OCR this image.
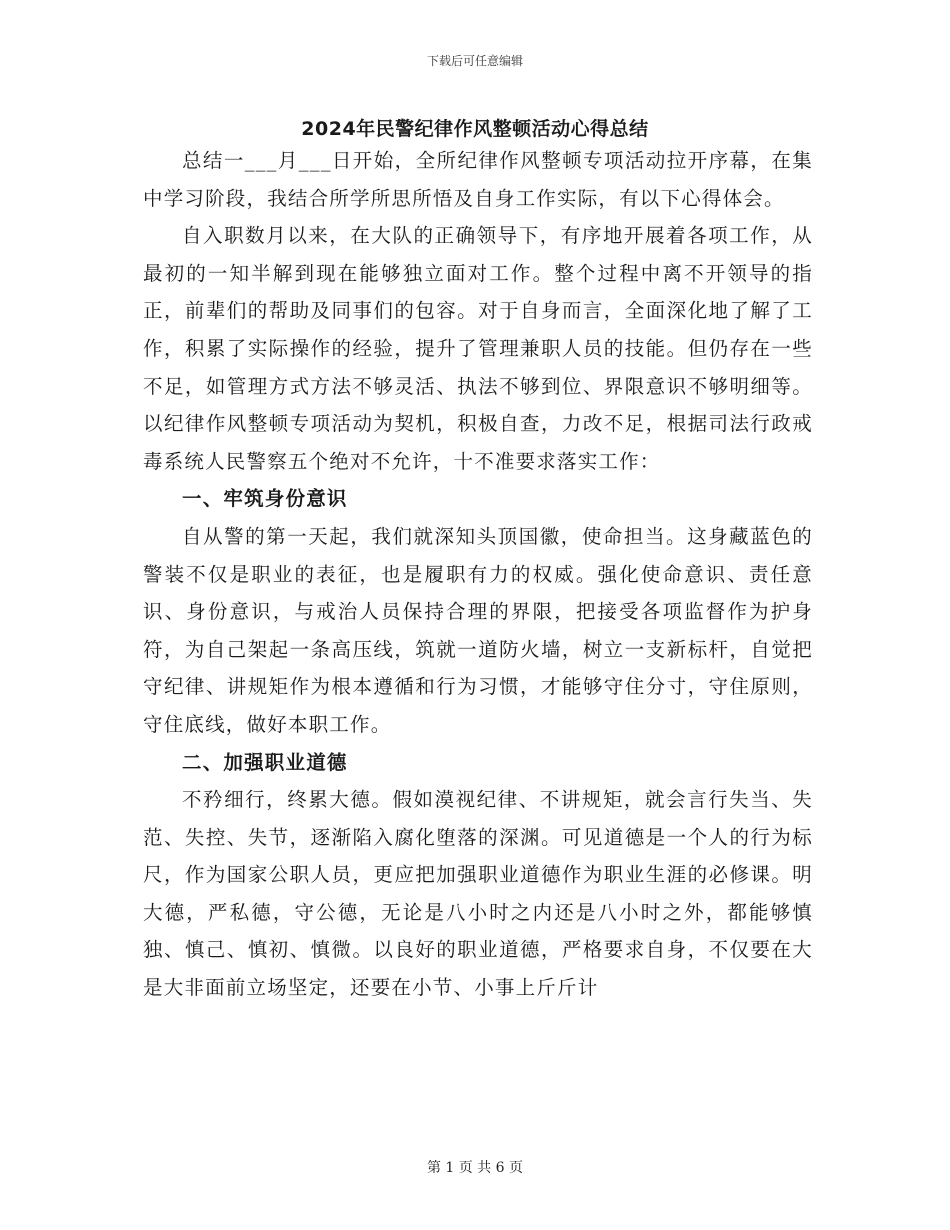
下载后可任意编辑
2024年民警纪律作风整顿活动心得总结

总结一___月___日开始，全所纪律作风整顿专项活动拉开序幕，在集中学习阶段，我结合所学所思所悟及自身工作实际，有以下心得体会。

自入职数月以来，在大队的正确领导下，有序地开展着各项工作，从最初的一知半解到现在能够独立面对工作。整个过程中离不开领导的指正，前辈们的帮助及同事们的包容。对于自身而言，全面深化地了解了工作，积累了实际操作的经验，提升了管理兼职人员的技能。但仍存在一些不足，如管理方式方法不够灵活、执法不够到位、界限意识不够明细等。以纪律作风整顿专项活动为契机，积极自查，力改不足，根据司法行政戒毒系统人民警察五个绝对不允许，十不准要求落实工作：

一、牢筑身份意识

自从警的第一天起，我们就深知头顶国徽，使命担当。这身藏蓝色的警装不仅是职业的表征，也是履职有力的权威。强化使命意识、责任意识、身份意识，与戒治人员保持合理的界限，把接受各项监督作为护身符，为自己架起一条高压线，筑就一道防火墙，树立一支新标杆，自觉把守纪律、讲规矩作为根本遵循和行为习惯，才能够守住分寸，守住原则，守住底线，做好本职工作。

二、加强职业道德

不矜细行，终累大德。假如漠视纪律、不讲规矩，就会言行失当、失范、失控、失节，逐渐陷入腐化堕落的深渊。可见道德是一个人的行为标尺，作为国家公职人员，更应把加强职业道德作为职业生涯的必修课。明大德，严私德，守公德，无论是八小时之内还是八小时之外，都能够慎独、慎己、慎初、慎微。以良好的职业道德，严格要求自身，不仅要在大是大非面前立场坚定，还要在小节、小事上斤斤计

第 1 页 共 6 页
